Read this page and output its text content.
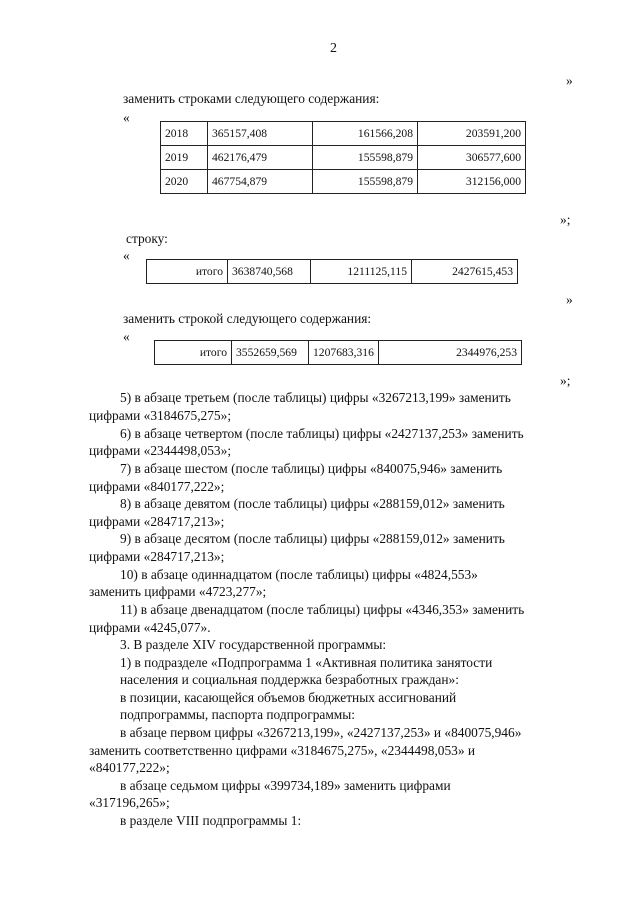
2
»
заменить строками следующего содержания:
«
2018	365157,408	161566,208	203591,200
2019	462176,479	155598,879	306577,600
2020	467754,879	155598,879	312156,000
»;
строку:
«
итого	3638740,568	1211125,115	2427615,453
»
заменить строкой следующего содержания:
«
итого	3552659,569	1207683,316	2344976,253
»;
5) в абзаце третьем (после таблицы) цифры «3267213,199» заменить
цифрами «3184675,275»;
6) в абзаце четвертом (после таблицы) цифры «2427137,253» заменить
цифрами «2344498,053»;
7) в абзаце шестом (после таблицы) цифры «840075,946» заменить
цифрами «840177,222»;
8) в абзаце девятом (после таблицы) цифры «288159,012» заменить
цифрами «284717,213»;
9) в абзаце десятом (после таблицы) цифры «288159,012» заменить
цифрами «284717,213»;
10) в абзаце одиннадцатом (после таблицы) цифры «4824,553»
заменить цифрами «4723,277»;
11) в абзаце двенадцатом (после таблицы) цифры «4346,353» заменить
цифрами «4245,077».
3. В разделе XIV государственной программы:
1) в подразделе «Подпрограмма 1 «Активная политика занятости
населения и социальная поддержка безработных граждан»:
в позиции, касающейся объемов бюджетных ассигнований
подпрограммы, паспорта подпрограммы:
в абзаце первом цифры «3267213,199», «2427137,253» и «840075,946»
заменить соответственно цифрами «3184675,275», «2344498,053» и
«840177,222»;
в абзаце седьмом цифры «399734,189» заменить цифрами
«317196,265»;
в разделе VIII подпрограммы 1:
